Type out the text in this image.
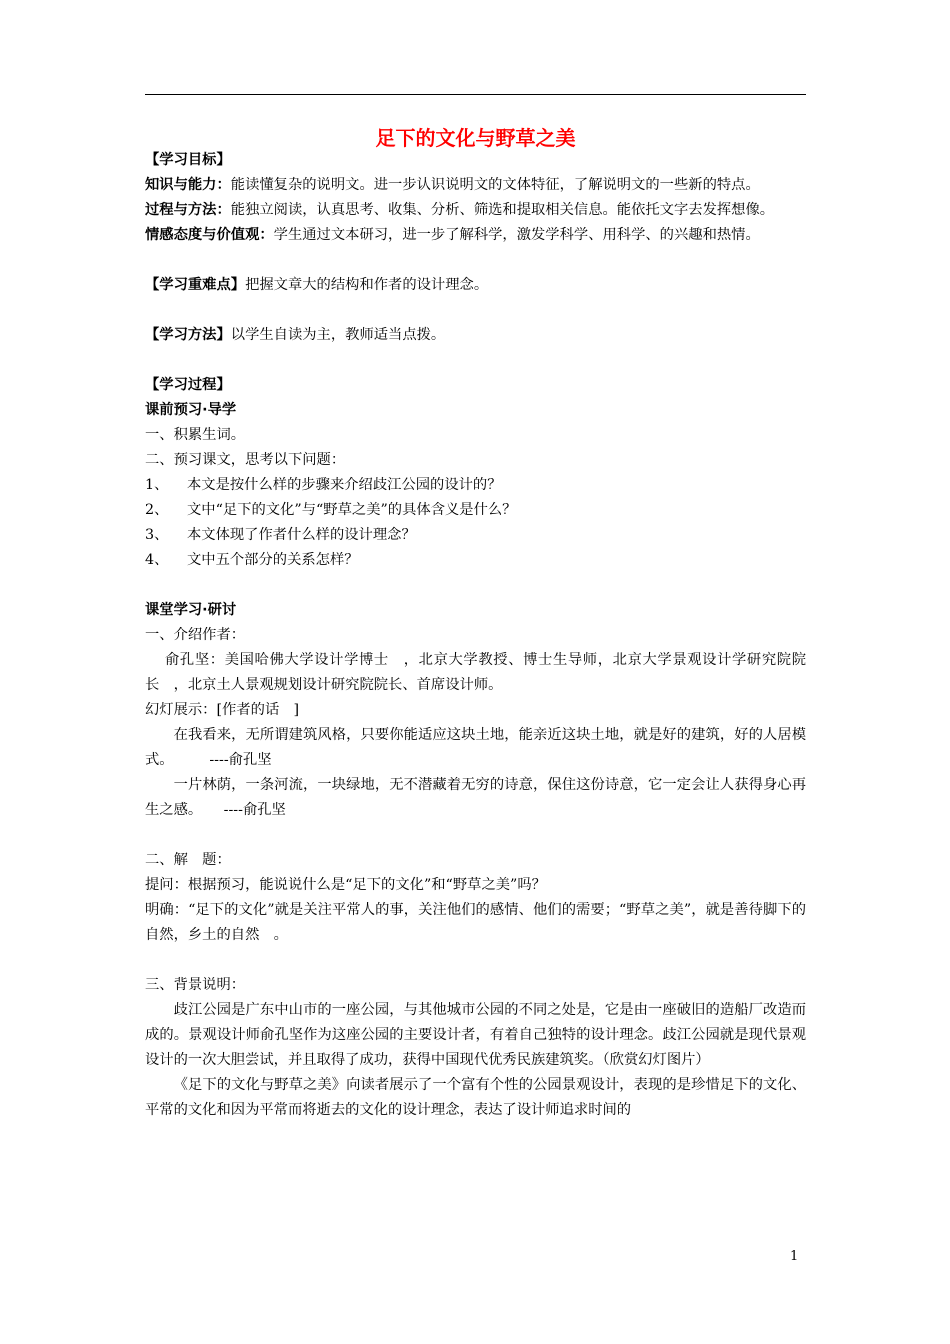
足下的文化与野草之美

【学习目标】

知识与能力：能读懂复杂的说明文。进一步认识说明文的文体特征，了解说明文的一些新的特点。

过程与方法：能独立阅读，认真思考、收集、分析、筛选和提取相关信息。能依托文字去发挥想像。

情感态度与价值观：学生通过文本研习，进一步了解科学，激发学科学、用科学、的兴趣和热情。

【学习重难点】把握文章大的结构和作者的设计理念。

【学习方法】以学生自读为主，教师适当点拨。

【学习过程】

课前预习·导学

一、积累生词。

二、预习课文，思考以下问题：

1、 本文是按什么样的步骤来介绍歧江公园的设计的？

2、 文中“足下的文化”与“野草之美”的具体含义是什么？

3、 本文体现了作者什么样的设计理念？

4、 文中五个部分的关系怎样？

课堂学习·研讨

一、介绍作者：

俞孔坚：美国哈佛大学设计学博士　，北京大学教授、博士生导师，北京大学景观设计学研究院院长　，北京土人景观规划设计研究院院长、首席设计师。

幻灯展示：[作者的话　]

在我看来，无所谓建筑风格，只要你能适应这块土地，能亲近这块土地，就是好的建筑，好的人居模式。　　　----俞孔坚

一片林荫，一条河流，一块绿地，无不潜藏着无穷的诗意，保住这份诗意，它一定会让人获得身心再生之感。　　----俞孔坚

二、解　题：

提问：根据预习，能说说什么是“足下的文化”和“野草之美”吗？

明确：“足下的文化”就是关注平常人的事，关注他们的感情、他们的需要；“野草之美”，就是善待脚下的自然，乡土的自然　。

三、背景说明：

歧江公园是广东中山市的一座公园，与其他城市公园的不同之处是，它是由一座破旧的造船厂改造而成的。景观设计师俞孔坚作为这座公园的主要设计者，有着自己独特的设计理念。歧江公园就是现代景观设计的一次大胆尝试，并且取得了成功，获得中国现代优秀民族建筑奖。（欣赏幻灯图片）

《足下的文化与野草之美》向读者展示了一个富有个性的公园景观设计，表现的是珍惜足下的文化、平常的文化和因为平常而将逝去的文化的设计理念，表达了设计师追求时间的

1
